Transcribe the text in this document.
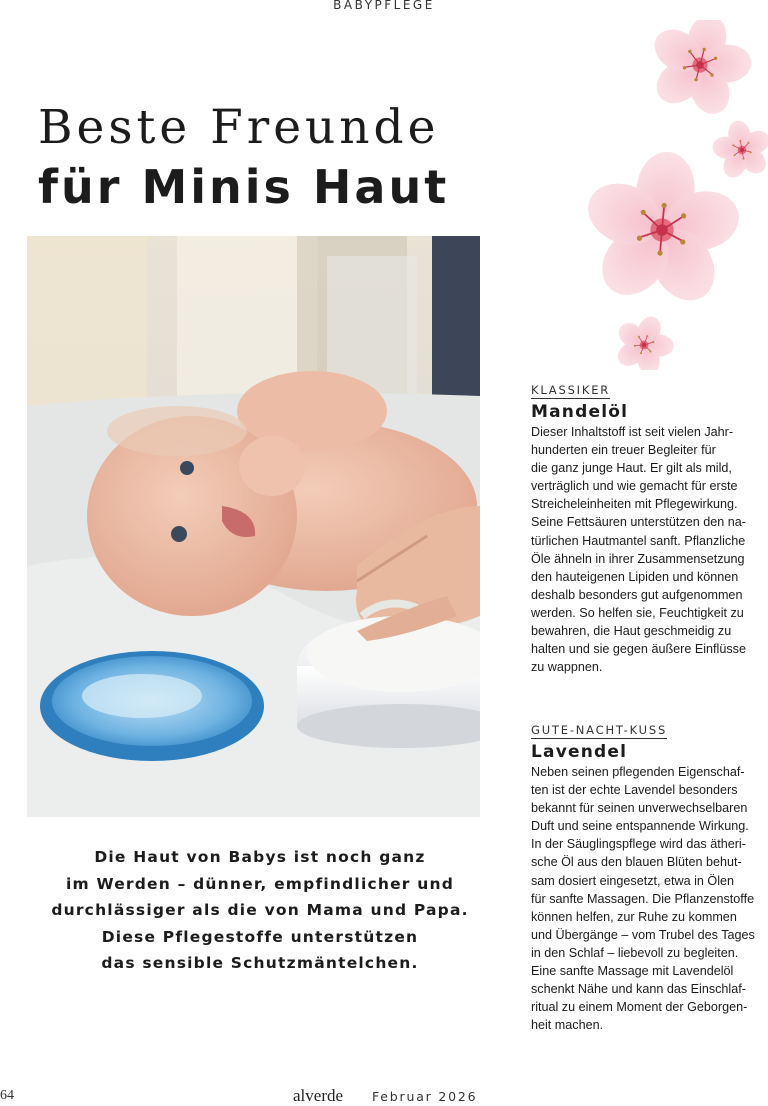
BABYPFLEGE
Beste Freunde
für Minis Haut
Die Haut von Babys ist noch ganz
im Werden – dünner, empfindlicher und
durchlässiger als die von Mama und Papa.
Diese Pflegestoffe unterstützen
das sensible Schutzmäntelchen.
KLASSIKER
Mandelöl
Dieser Inhaltstoff ist seit vielen Jahr-
hunderten ein treuer Begleiter für
die ganz junge Haut. Er gilt als mild,
verträglich und wie gemacht für erste
Streicheleinheiten mit Pflegewirkung.
Seine Fettsäuren unterstützen den na-
türlichen Hautmantel sanft. Pflanzliche
Öle ähneln in ihrer Zusammensetzung
den hauteigenen Lipiden und können
deshalb besonders gut aufgenommen
werden. So helfen sie, Feuchtigkeit zu
bewahren, die Haut geschmeidig zu
halten und sie gegen äußere Einflüsse
zu wappnen.
GUTE-NACHT-KUSS
Lavendel
Neben seinen pflegenden Eigenschaf-
ten ist der echte Lavendel besonders
bekannt für seinen unverwechselbaren
Duft und seine entspannende Wirkung.
In der Säuglingspflege wird das ätheri-
sche Öl aus den blauen Blüten behut-
sam dosiert eingesetzt, etwa in Ölen
für sanfte Massagen. Die Pflanzenstoffe
können helfen, zur Ruhe zu kommen
und Übergänge – vom Trubel des Tages
in den Schlaf – liebevoll zu begleiten.
Eine sanfte Massage mit Lavendelöl
schenkt Nähe und kann das Einschlaf-
ritual zu einem Moment der Geborgen-
heit machen.
64	alverde Februar 2026
